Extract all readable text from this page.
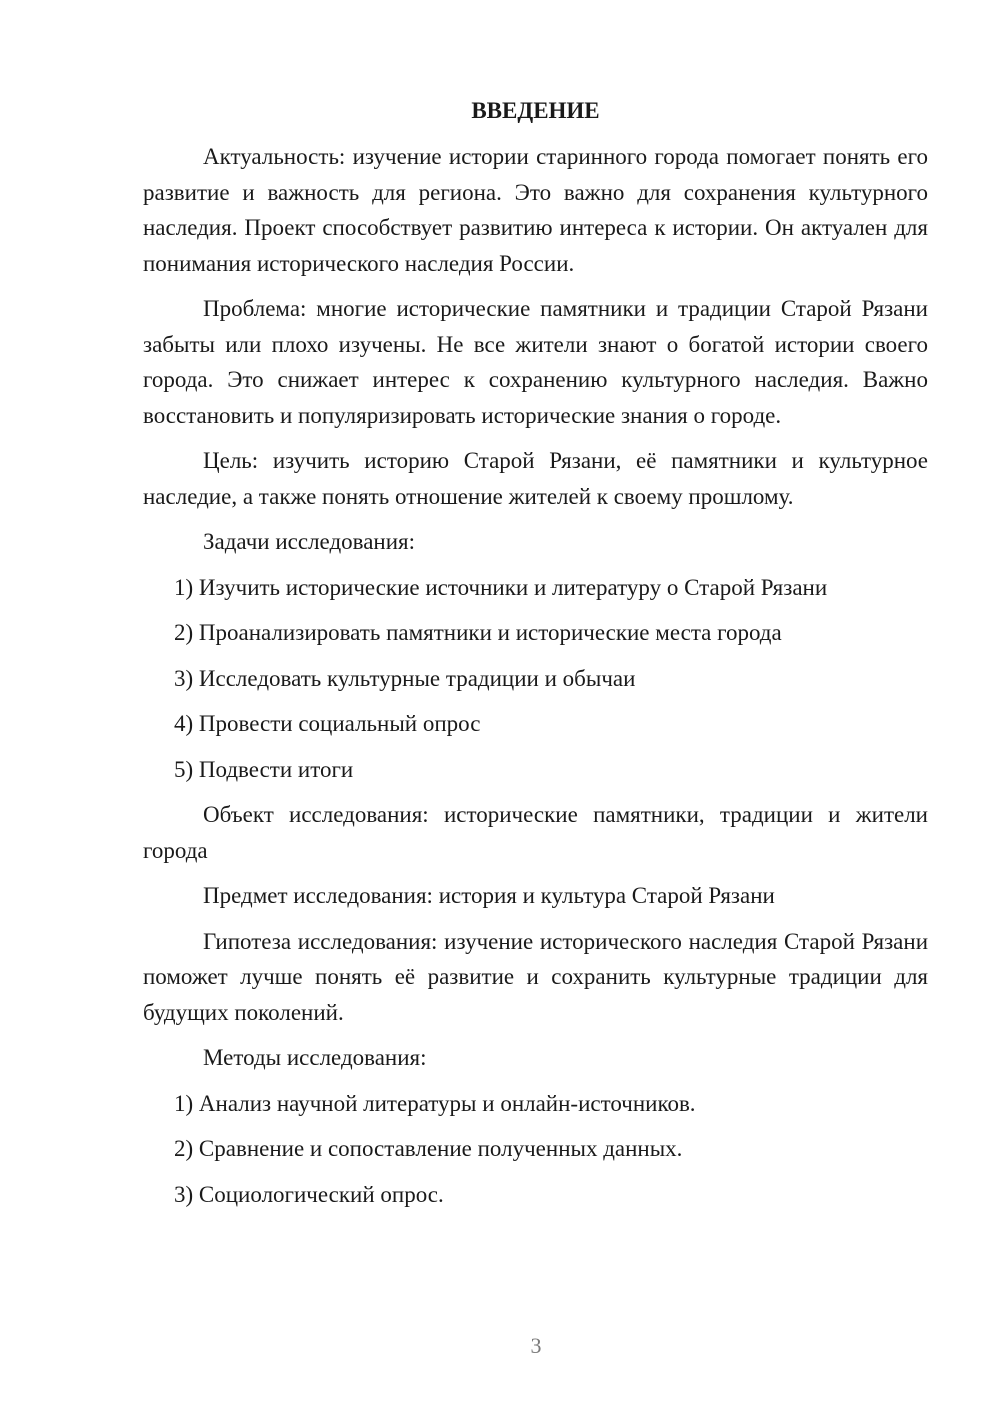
ВВЕДЕНИЕ

Актуальность: изучение истории старинного города помогает понять его развитие и важность для региона. Это важно для сохранения культурного наследия. Проект способствует развитию интереса к истории. Он актуален для понимания исторического наследия России.

Проблема: многие исторические памятники и традиции Старой Рязани забыты или плохо изучены. Не все жители знают о богатой истории своего города. Это снижает интерес к сохранению культурного наследия. Важно восстановить и популяризировать исторические знания о городе.

Цель: изучить историю Старой Рязани, её памятники и культурное наследие, а также понять отношение жителей к своему прошлому.

Задачи исследования:

1) Изучить исторические источники и литературу о Старой Рязани
2) Проанализировать памятники и исторические места города
3) Исследовать культурные традиции и обычаи
4) Провести социальный опрос
5) Подвести итоги

Объект исследования: исторические памятники, традиции и жители города

Предмет исследования: история и культура Старой Рязани

Гипотеза исследования: изучение исторического наследия Старой Рязани поможет лучше понять её развитие и сохранить культурные традиции для будущих поколений.

Методы исследования:

1) Анализ научной литературы и онлайн-источников.
2) Сравнение и сопоставление полученных данных.
3) Социологический опрос.
3
